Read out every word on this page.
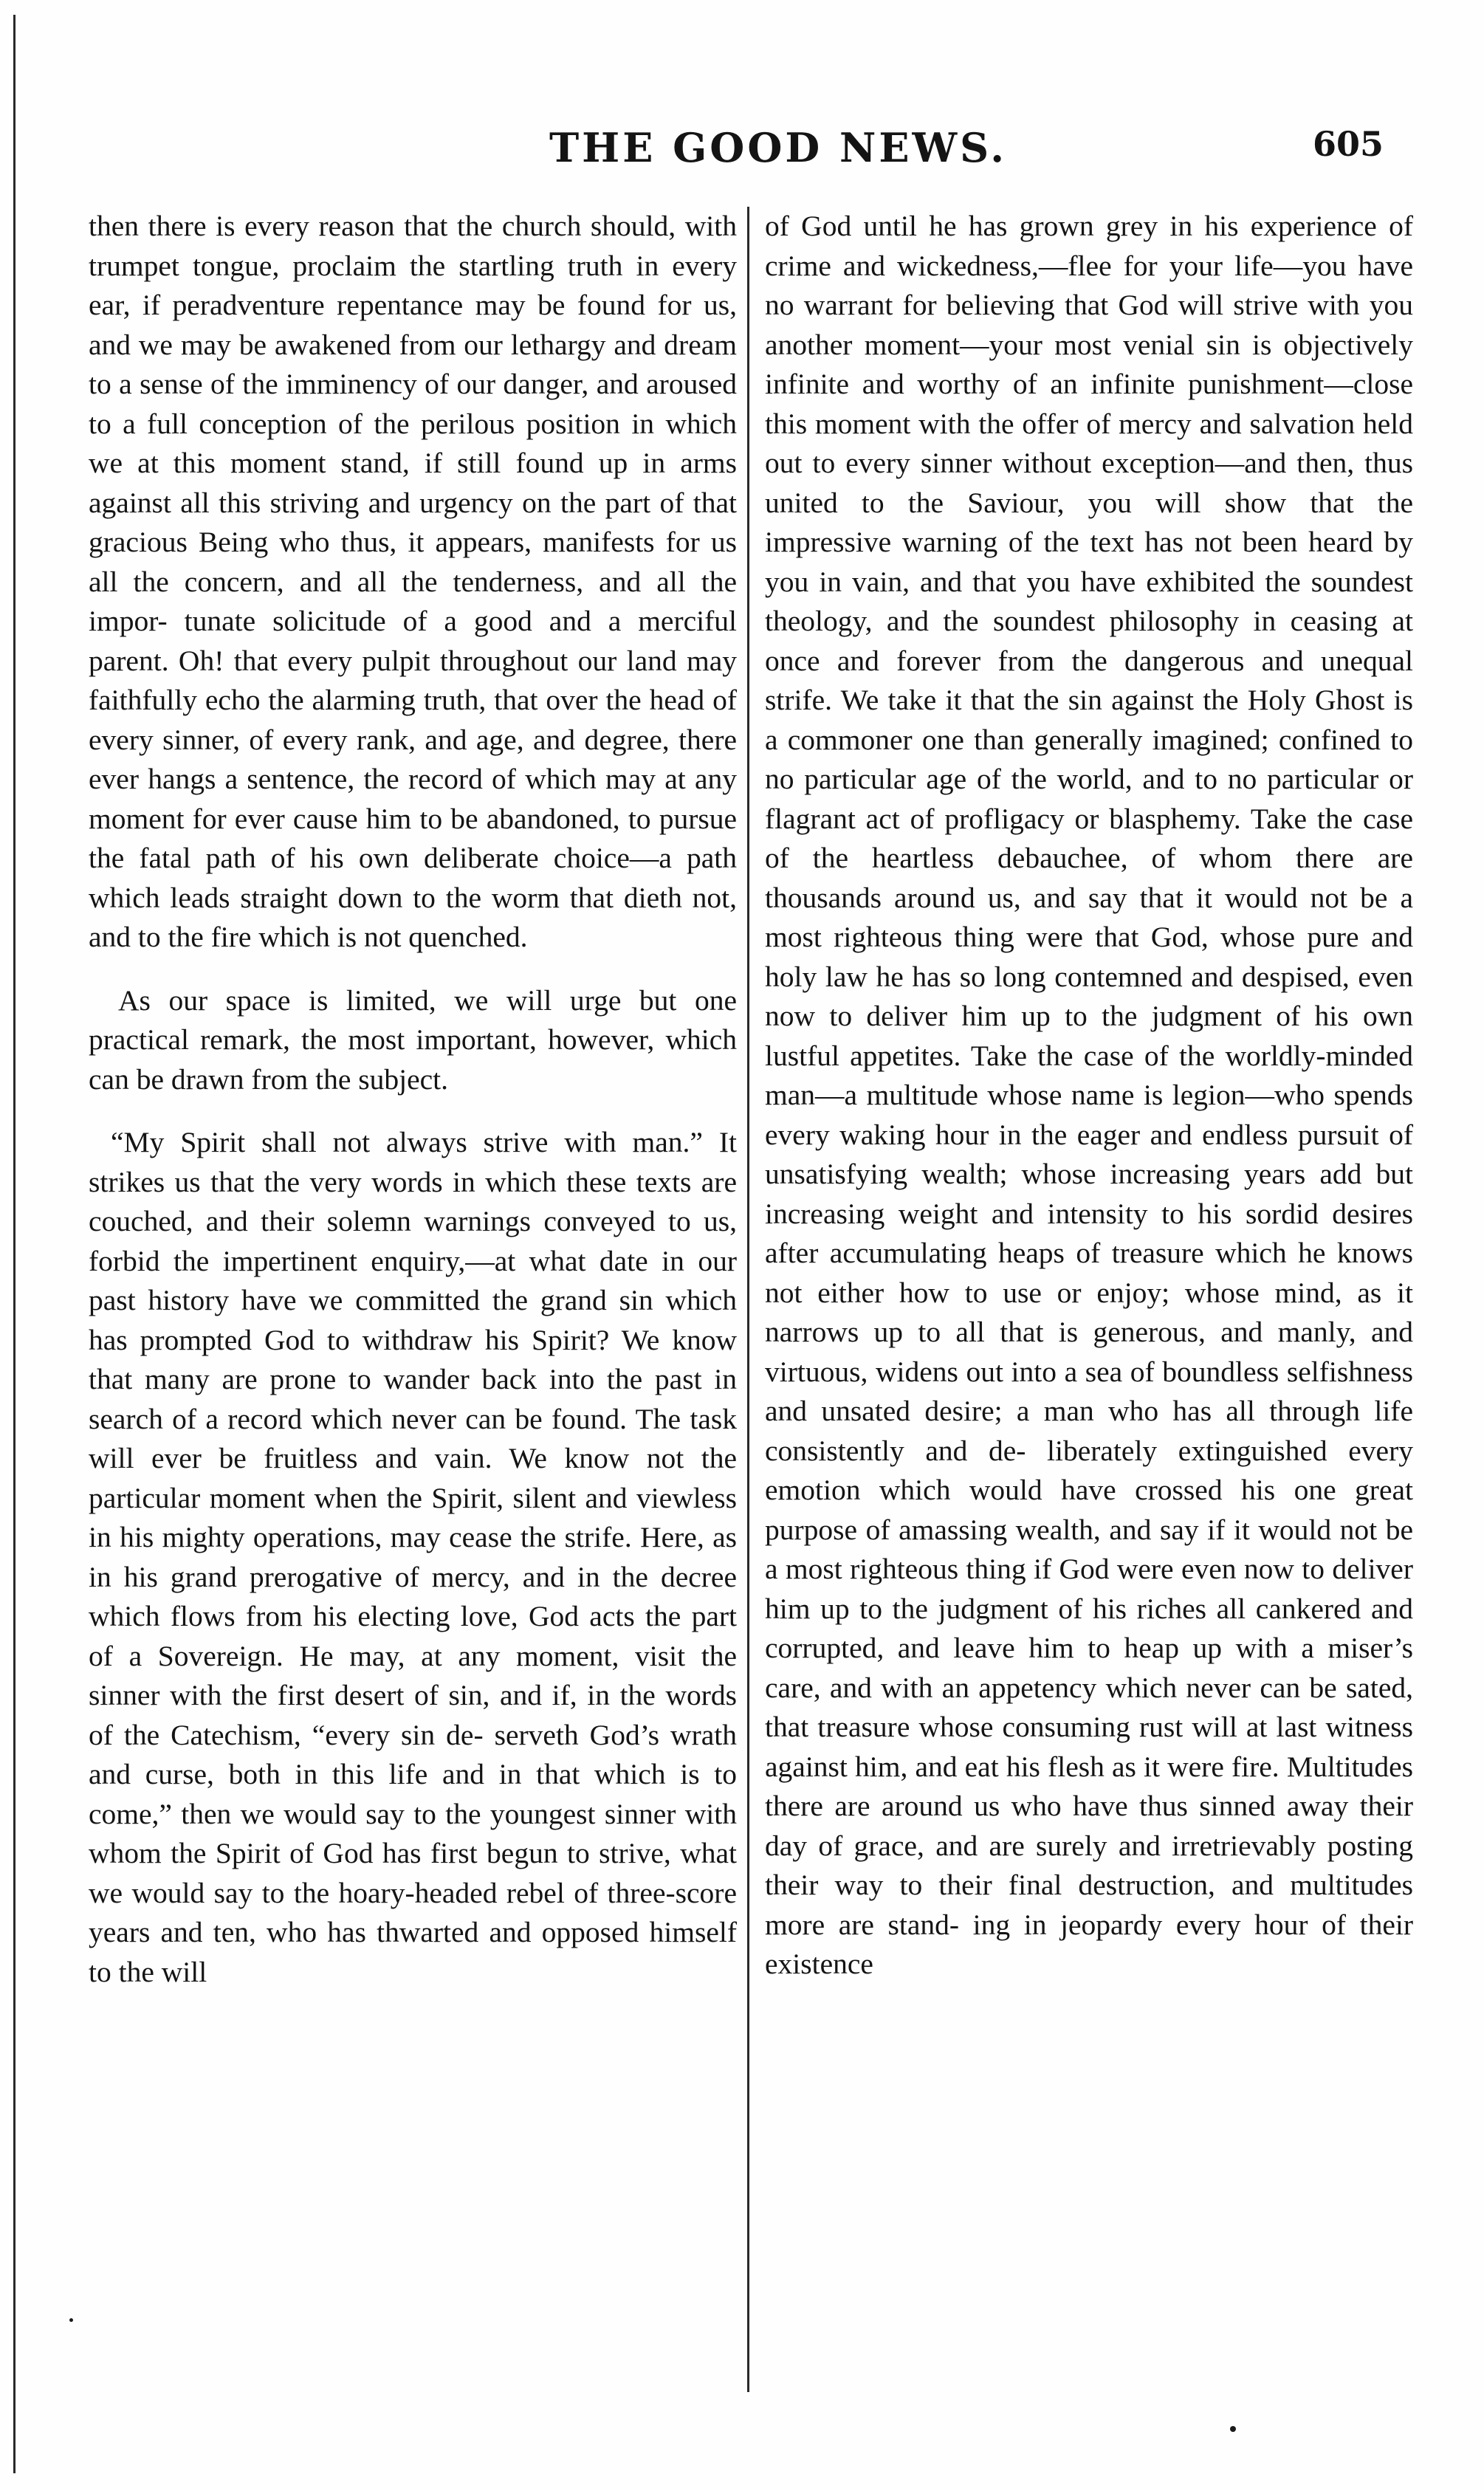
THE GOOD NEWS.	605

then there is every reason that the church should, with trumpet tongue, proclaim the startling truth in every ear, if peradventure repentance may be found for us, and we may be awakened from our lethargy and dream to a sense of the imminency of our danger, and aroused to a full conception of the perilous position in which we at this moment stand, if still found up in arms against all this striving and urgency on the part of that gracious Being who thus, it appears, manifests for us all the concern, and all the tenderness, and all the impor- tunate solicitude of a good and a merciful parent. Oh! that every pulpit throughout our land may faithfully echo the alarming truth, that over the head of every sinner, of every rank, and age, and degree, there ever hangs a sentence, the record of which may at any moment for ever cause him to be abandoned, to pursue the fatal path of his own deliberate choice—a path which leads straight down to the worm that dieth not, and to the fire which is not quenched.

As our space is limited, we will urge but one practical remark, the most important, however, which can be drawn from the subject.

“My Spirit shall not always strive with man.” It strikes us that the very words in which these texts are couched, and their solemn warnings conveyed to us, forbid the impertinent enquiry,—at what date in our past history have we committed the grand sin which has prompted God to withdraw his Spirit? We know that many are prone to wander back into the past in search of a record which never can be found. The task will ever be fruitless and vain. We know not the particular moment when the Spirit, silent and viewless in his mighty operations, may cease the strife. Here, as in his grand prerogative of mercy, and in the decree which flows from his electing love, God acts the part of a Sovereign. He may, at any moment, visit the sinner with the first desert of sin, and if, in the words of the Catechism, “every sin de- serveth God’s wrath and curse, both in this life and in that which is to come,” then we would say to the youngest sinner with whom the Spirit of God has first begun to strive, what we would say to the hoary-headed rebel of three-score years and ten, who has thwarted and opposed himself to the will

of God until he has grown grey in his experience of crime and wickedness,—flee for your life—you have no warrant for believing that God will strive with you another moment—your most venial sin is objectively infinite and worthy of an infinite punishment—close this moment with the offer of mercy and salvation held out to every sinner without exception—and then, thus united to the Saviour, you will show that the impressive warning of the text has not been heard by you in vain, and that you have exhibited the soundest theology, and the soundest philosophy in ceasing at once and forever from the dangerous and unequal strife. We take it that the sin against the Holy Ghost is a commoner one than generally imagined; confined to no particular age of the world, and to no particular or flagrant act of profligacy or blasphemy. Take the case of the heartless debauchee, of whom there are thousands around us, and say that it would not be a most righteous thing were that God, whose pure and holy law he has so long contemned and despised, even now to deliver him up to the judgment of his own lustful appetites. Take the case of the worldly-minded man—a multitude whose name is legion—who spends every waking hour in the eager and endless pursuit of unsatisfying wealth; whose increasing years add but increasing weight and intensity to his sordid desires after accumulating heaps of treasure which he knows not either how to use or enjoy; whose mind, as it narrows up to all that is generous, and manly, and virtuous, widens out into a sea of boundless selfishness and unsated desire; a man who has all through life consistently and de- liberately extinguished every emotion which would have crossed his one great purpose of amassing wealth, and say if it would not be a most righteous thing if God were even now to deliver him up to the judgment of his riches all cankered and corrupted, and leave him to heap up with a miser’s care, and with an appetency which never can be sated, that treasure whose consuming rust will at last witness against him, and eat his flesh as it were fire. Multitudes there are around us who have thus sinned away their day of grace, and are surely and irretrievably posting their way to their final destruction, and multitudes more are stand- ing in jeopardy every hour of their existence
